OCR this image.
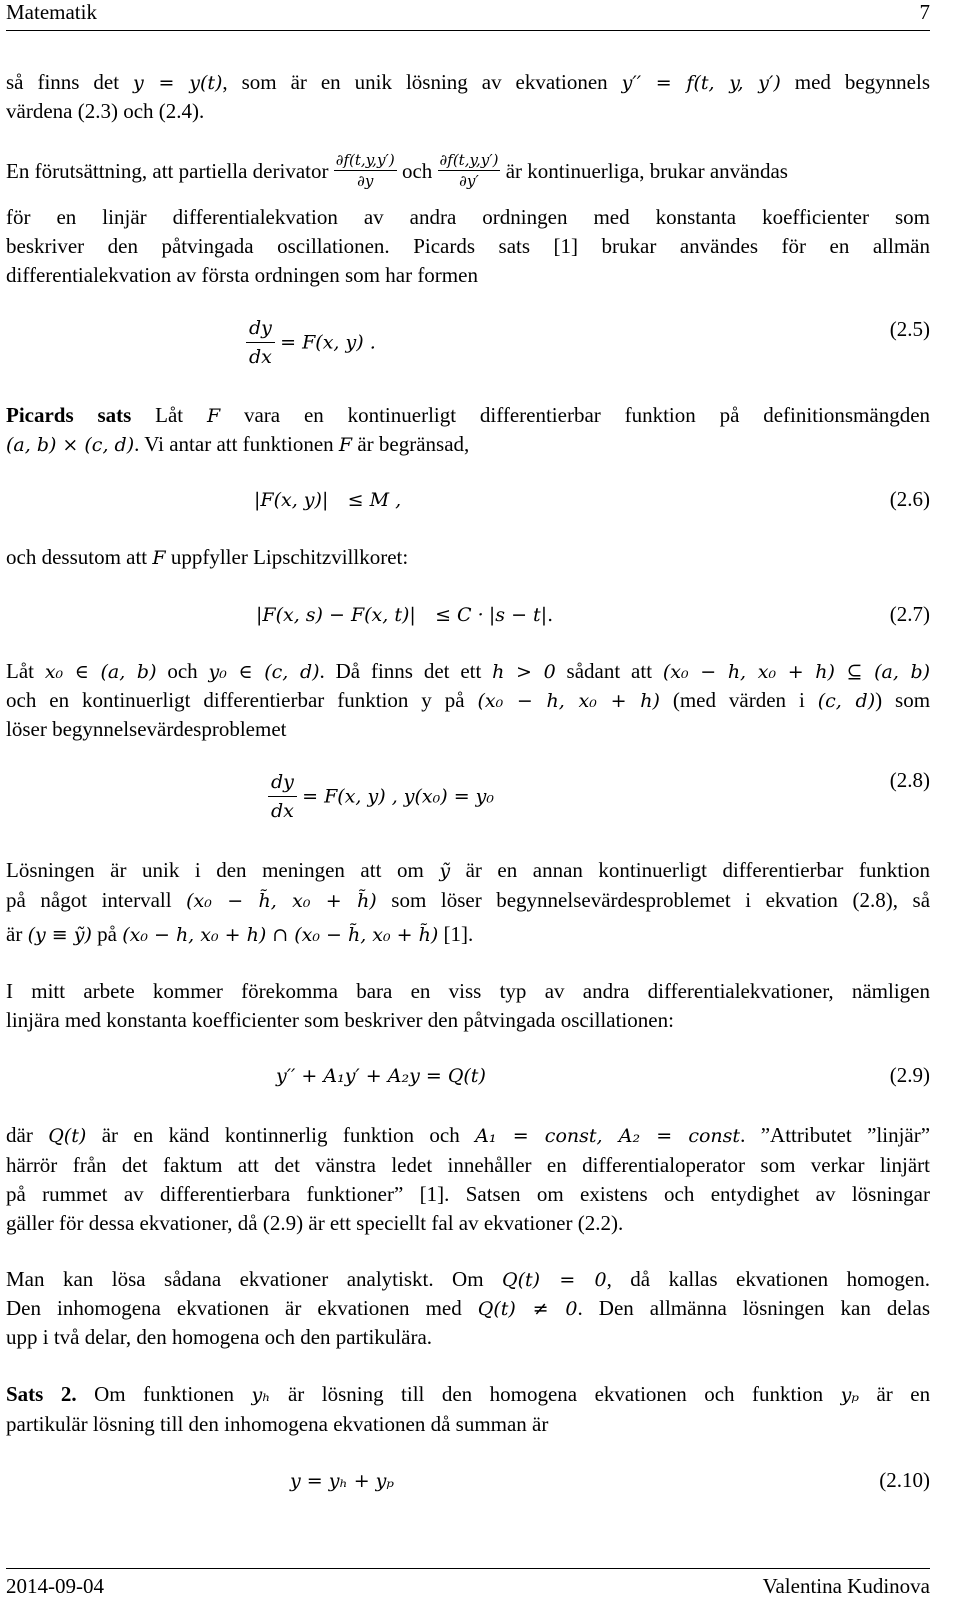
Matematik	7
så finns det y = y(t), som är en unik lösning av ekvationen y′′ = f(t, y, y′) med begynnels
värdena (2.3) och (2.4).
En förutsättning, att partiella derivator $\frac{\partial f(t,y,y')}{\partial y}$ och $\frac{\partial f(t,y,y')}{\partial y'}$ är kontinuerliga, brukar användas
för en linjär differentialekvation av andra ordningen med konstanta koefficienter som
beskriver den påtvingada oscillationen. Picards sats [1] brukar användes för en allmän
differentialekvation av första ordningen som har formen
$\frac{dy}{dx} = F(x$, y) .
(2.5)
Picards sats Låt F vara en kontinuerligt differentierbar funktion på definitionsmängden
(a, b) × (c, d). Vi antar att funktionen F är begränsad,
|F(x, y)| ≤ M ,	(2.6)
och dessutom att F uppfyller Lipschitzvillkoret:
|F(x, s) − F(x, t)| ≤ C · |s − t|.	(2.7)
Låt x₀ ∈ (a, b) och y₀ ∈ (c, d). Då finns det ett h > 0 sådant att (x₀ − h, x₀ + h) ⊆ (a, b)
och en kontinuerligt differentierbar funktion y på (x₀ − h, x₀ + h) (med värden i (c, d)) som
löser begynnelsevärdesproblemet
$\frac{dy}{dx} = F(x$, y) , y(x₀) = y₀
(2.8)
Lösningen är unik i den meningen att om ỹ är en annan kontinuerligt differentierbar funktion
på något intervall (x₀ − h̃, x₀ + h̃) som löser begynnelsevärdesproblemet i ekvation (2.8), så
är (y ≡ ỹ) på (x₀ − h, x₀ + h) ∩ (x₀ − h̃, x₀ + h̃) [1].
I mitt arbete kommer förekomma bara en viss typ av andra differentialekvationer, nämligen
linjära med konstanta koefficienter som beskriver den påtvingada oscillationen:
y′′ + A₁y′ + A₂y = Q(t)	(2.9)
där Q(t) är en känd kontinnerlig funktion och A₁ = const, A₂ = const. ”Attributet ”linjär”
härrör från det faktum att det vänstra ledet innehåller en differentialoperator som verkar linjärt
på rummet av differentierbara funktioner” [1]. Satsen om existens och entydighet av lösningar
gäller för dessa ekvationer, då (2.9) är ett speciellt fal av ekvationer (2.2).
Man kan lösa sådana ekvationer analytiskt. Om Q(t) = 0, då kallas ekvationen homogen.
Den inhomogena ekvationen är ekvationen med Q(t) ≠ 0. Den allmänna lösningen kan delas
upp i två delar, den homogena och den partikulära.
Sats 2. Om funktionen yₕ är lösning till den homogena ekvationen och funktion yₚ är en
partikulär lösning till den inhomogena ekvationen då summan är
y = yₕ + yₚ	(2.10)
2014-09-04	Valentina Kudinova
